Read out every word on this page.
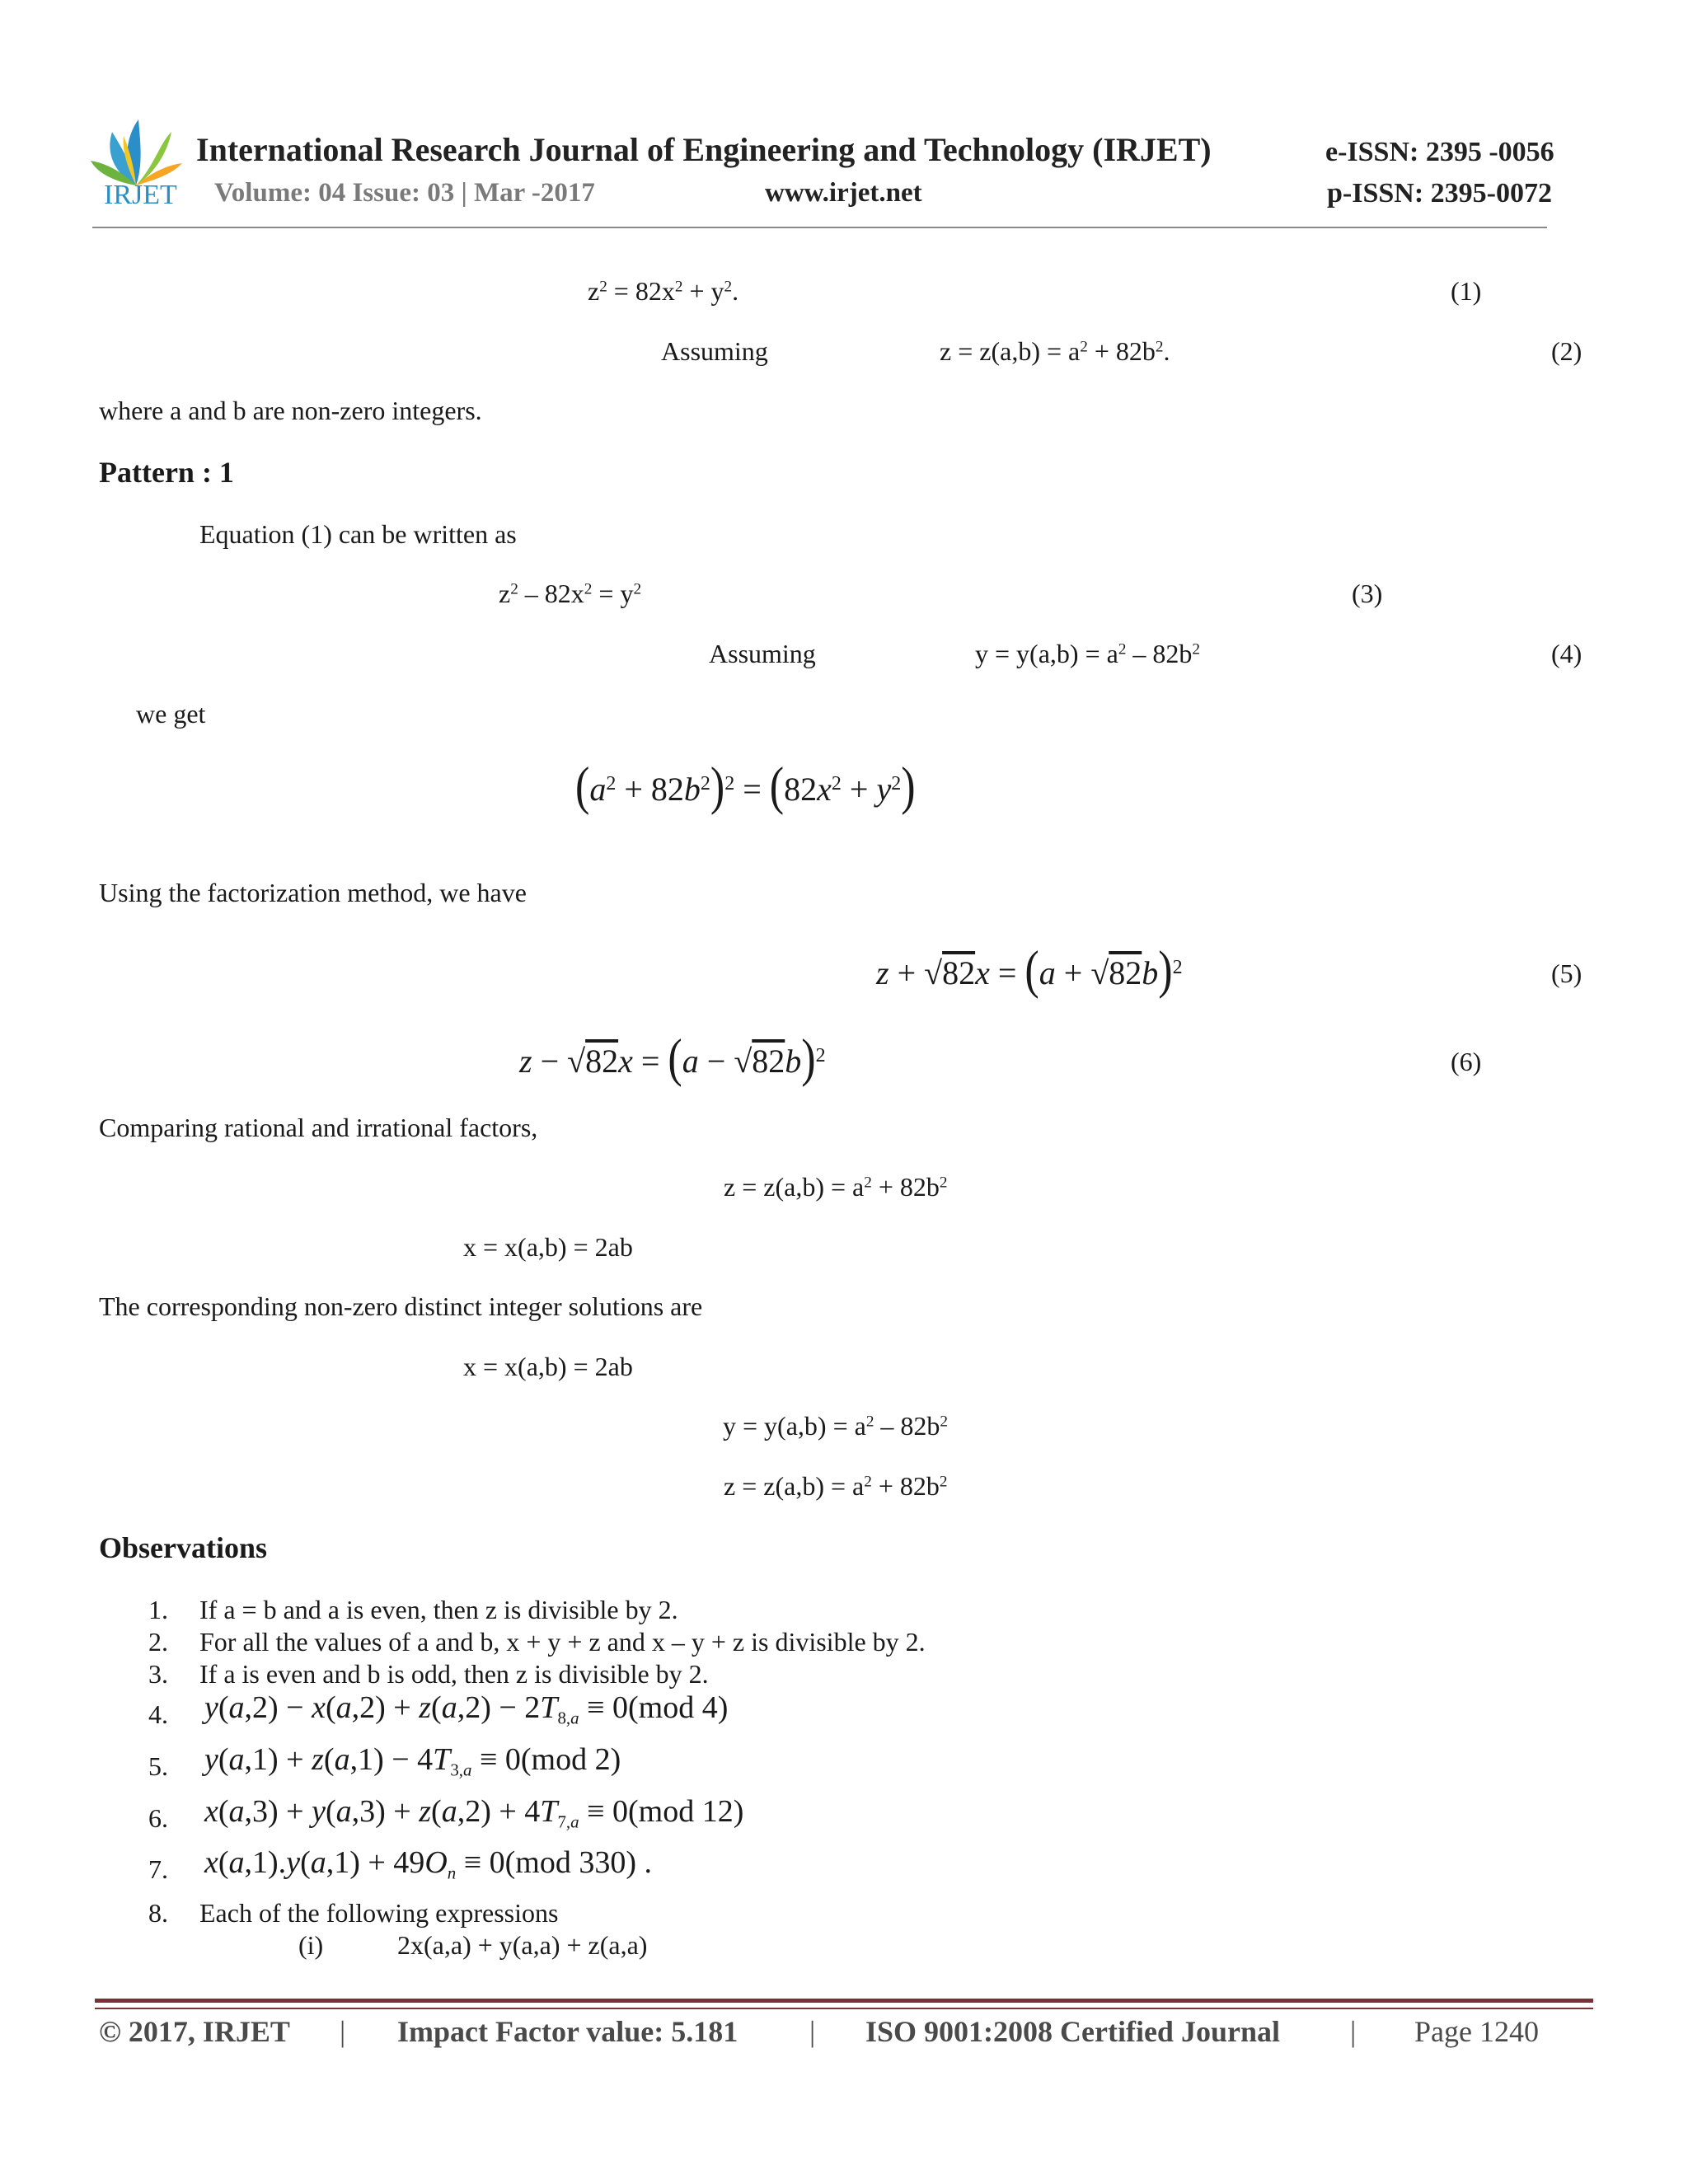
IRJET
International Research Journal of Engineering and Technology (IRJET)
Volume: 04 Issue: 03 | Mar -2017	www.irjet.net
e-ISSN: 2395 -0056
p-ISSN: 2395-0072
$z^2 = 82x^2 + y^2$.	(1)
Assuming	$z = z(a,b) = a^2 + 82b^2$.	(2)
where a and b are non-zero integers.
Pattern : 1
Equation (1) can be written as
$z^2 - 82x^2 = y^2$	(3)
Assuming	$y = y(a,b) = a^2 - 82b^2$	(4)
we get
$(a^2 + 82b^2)^2 = (82x^2 + y^2)$
Using the factorization method, we have
$z + √82x = (a + √82b)^2$	(5)
$z - √82x = (a - √82b)^2$	(6)
Comparing rational and irrational factors,
$z = z(a,b) = a^2 + 82b^2$
x = x(a,b) = 2ab
The corresponding non-zero distinct integer solutions are
x = x(a,b) = 2ab
$y = y(a,b) = a^2 - 82b^2$
$z = z(a,b) = a^2 + 82b^2$
Observations
1. If a = b and a is even, then z is divisible by 2.
2. For all the values of a and b, x + y + z and x – y + z is divisible by 2.
3. If a is even and b is odd, then z is divisible by 2.
4. $y(a,2) - x(a,2) + z(a,2) - 2T_{8,a} \equiv 0(mod$ 4)
5. $y(a,1) + z(a,1) - 4T_{3,a} \equiv 0(mod$ 2)
6. $x(a,3) + y(a,3) + z(a,2) + 4T_{7,a} \equiv 0(mod$ 12)
7. $x(a,1).y(a,1) + 49O_n \equiv 0(mod$ 330) .
8. Each of the following expressions
(i)	2x(a,a) + y(a,a) + z(a,a)
© 2017, IRJET | Impact Factor value: 5.181 | ISO 9001:2008 Certified Journal | Page 1240
